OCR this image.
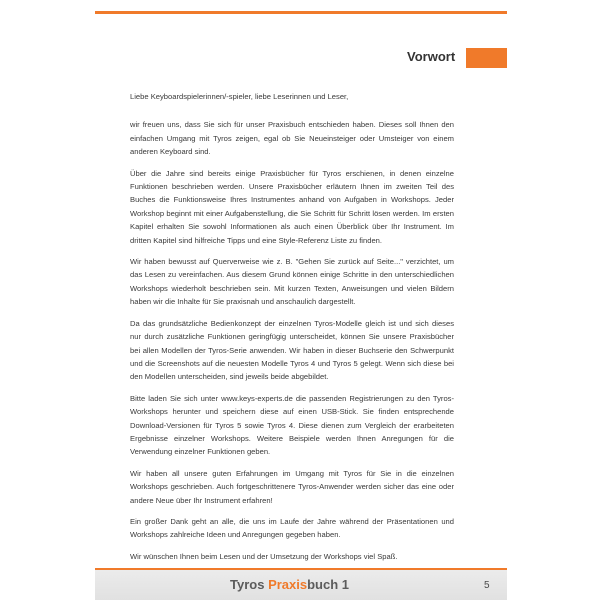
Vorwort

Liebe Keyboardspielerinnen/-spieler, liebe Leserinnen und Leser,

wir freuen uns, dass Sie sich für unser Praxisbuch entschieden haben. Dieses soll Ihnen den einfachen Umgang mit Tyros zeigen, egal ob Sie Neueinsteiger oder Umsteiger von einem anderen Keyboard sind.

Über die Jahre sind bereits einige Praxisbücher für Tyros erschienen, in denen einzelne Funktionen beschrieben werden. Unsere Praxisbücher erläutern Ihnen im zweiten Teil des Buches die Funktionsweise Ihres Instrumentes anhand von Aufgaben in Workshops. Jeder Workshop beginnt mit einer Aufgabenstellung, die Sie Schritt für Schritt lösen werden. Im ersten Kapitel erhalten Sie sowohl Informationen als auch einen Überblick über Ihr Instrument. Im dritten Kapitel sind hilfreiche Tipps und eine Style-Referenz Liste zu finden.

Wir haben bewusst auf Querverweise wie z. B. "Gehen Sie zurück auf Seite..." verzichtet, um das Lesen zu vereinfachen. Aus diesem Grund können einige Schritte in den unterschiedlichen Workshops wiederholt beschrieben sein. Mit kurzen Texten, Anweisungen und vielen Bildern haben wir die Inhalte für Sie praxisnah und anschaulich dargestellt.

Da das grundsätzliche Bedienkonzept der einzelnen Tyros-Modelle gleich ist und sich dieses nur durch zusätzliche Funktionen geringfügig unterscheidet, können Sie unsere Praxisbücher bei allen Modellen der Tyros-Serie anwenden. Wir haben in dieser Buchserie den Schwerpunkt und die Screenshots auf die neuesten Modelle Tyros 4 und Tyros 5 gelegt. Wenn sich diese bei den Modellen unterscheiden, sind jeweils beide abgebildet.

Bitte laden Sie sich unter www.keys-experts.de die passenden Registrierungen zu den Tyros-Workshops herunter und speichern diese auf einen USB-Stick. Sie finden entsprechende Download-Versionen für Tyros 5 sowie Tyros 4. Diese dienen zum Vergleich der erarbeiteten Ergebnisse einzelner Workshops. Weitere Beispiele werden Ihnen Anregungen für die Verwendung einzelner Funktionen geben.

Wir haben all unsere guten Erfahrungen im Umgang mit Tyros für Sie in die einzelnen Workshops geschrieben. Auch fortgeschrittenere Tyros-Anwender werden sicher das eine oder andere Neue über Ihr Instrument erfahren!

Ein großer Dank geht an alle, die uns im Laufe der Jahre während der Präsentationen und Workshops zahlreiche Ideen und Anregungen gegeben haben.

Wir wünschen Ihnen beim Lesen und der Umsetzung der Workshops viel Spaß.

Tyros Praxisbuch 1	5
